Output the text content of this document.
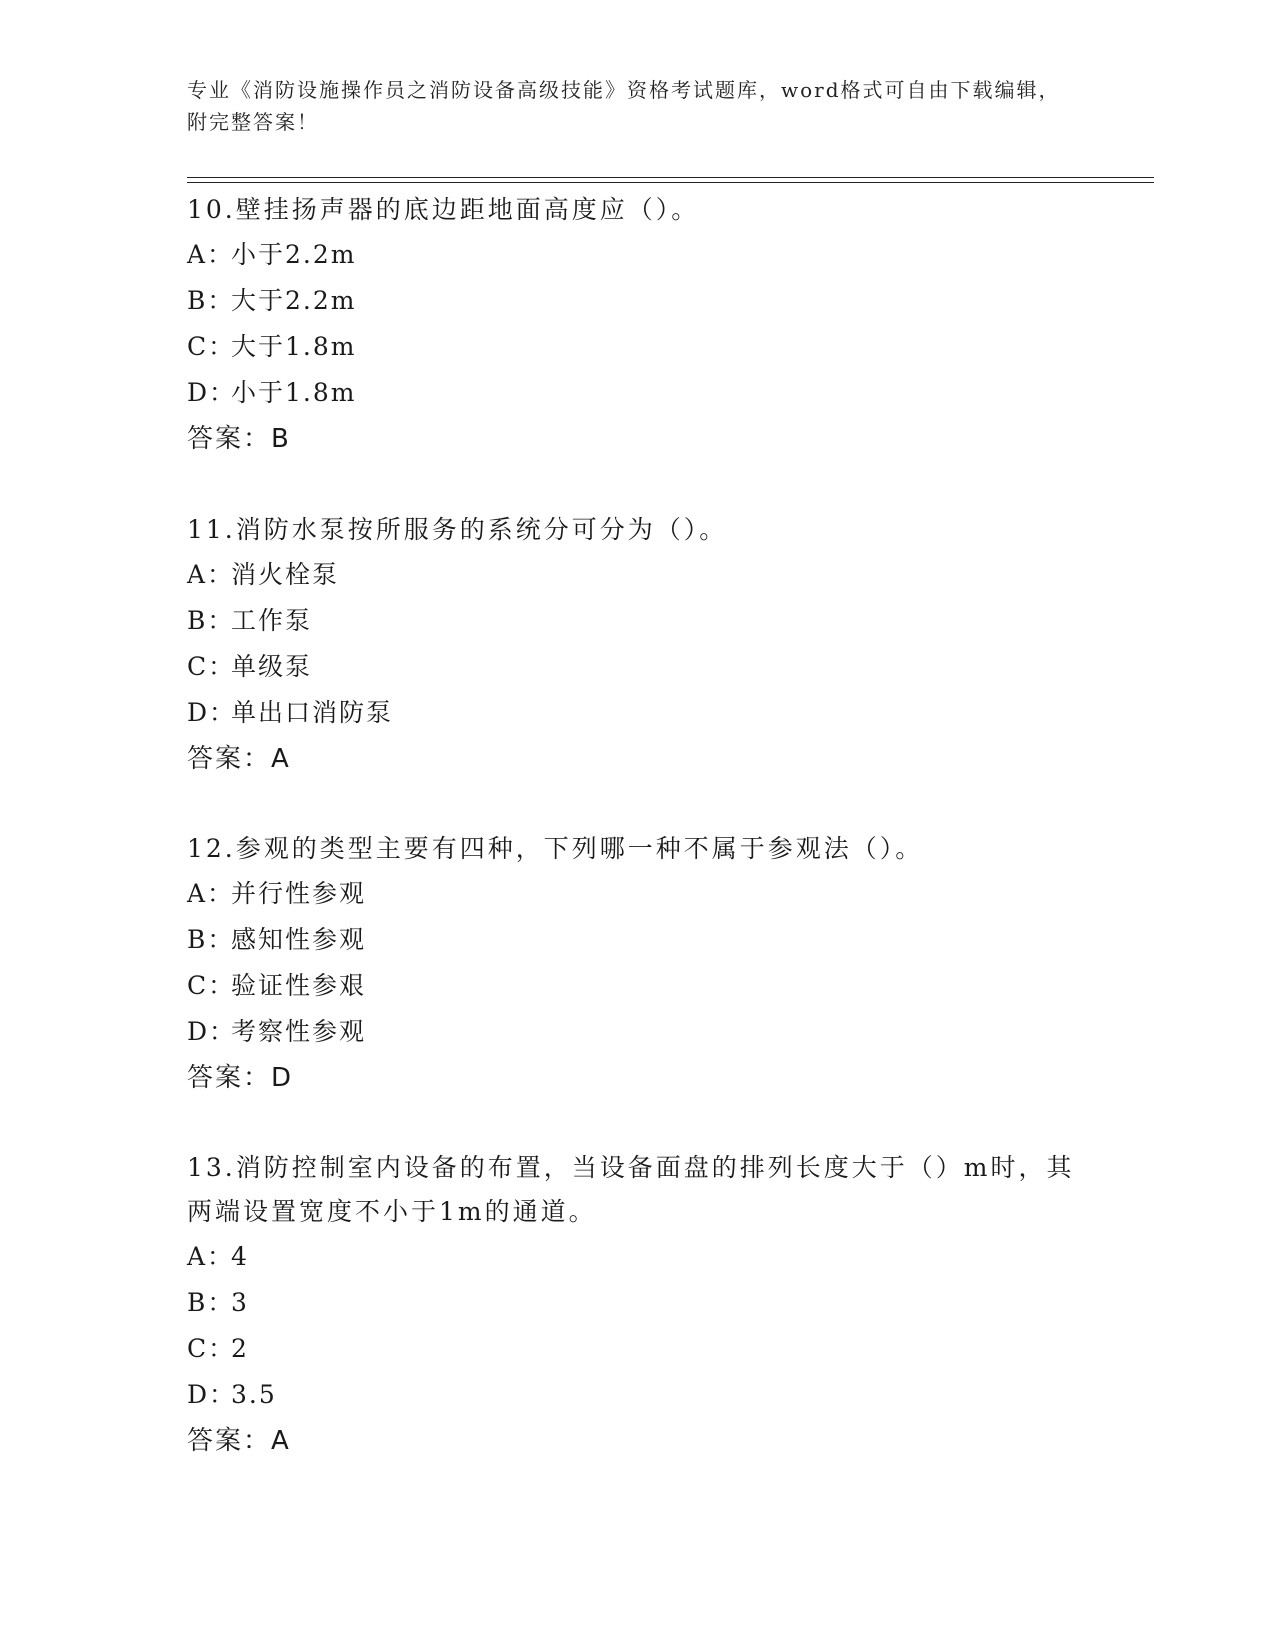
专业《消防设施操作员之消防设备高级技能》资格考试题库，word格式可自由下载编辑，附完整答案！
10.壁挂扬声器的底边距地面高度应（）。
A：小于2.2m
B：大于2.2m
C：大于1.8m
D：小于1.8m
答案：B
11.消防水泵按所服务的系统分可分为（）。
A：消火栓泵
B：工作泵
C：单级泵
D：单出口消防泵
答案：A
12.参观的类型主要有四种，下列哪一种不属于参观法（）。
A：并行性参观
B：感知性参观
C：验证性参艰
D：考察性参观
答案：D
13.消防控制室内设备的布置，当设备面盘的排列长度大于（）m时，其两端设置宽度不小于1m的通道。
A：4
B：3
C：2
D：3.5
答案：A
